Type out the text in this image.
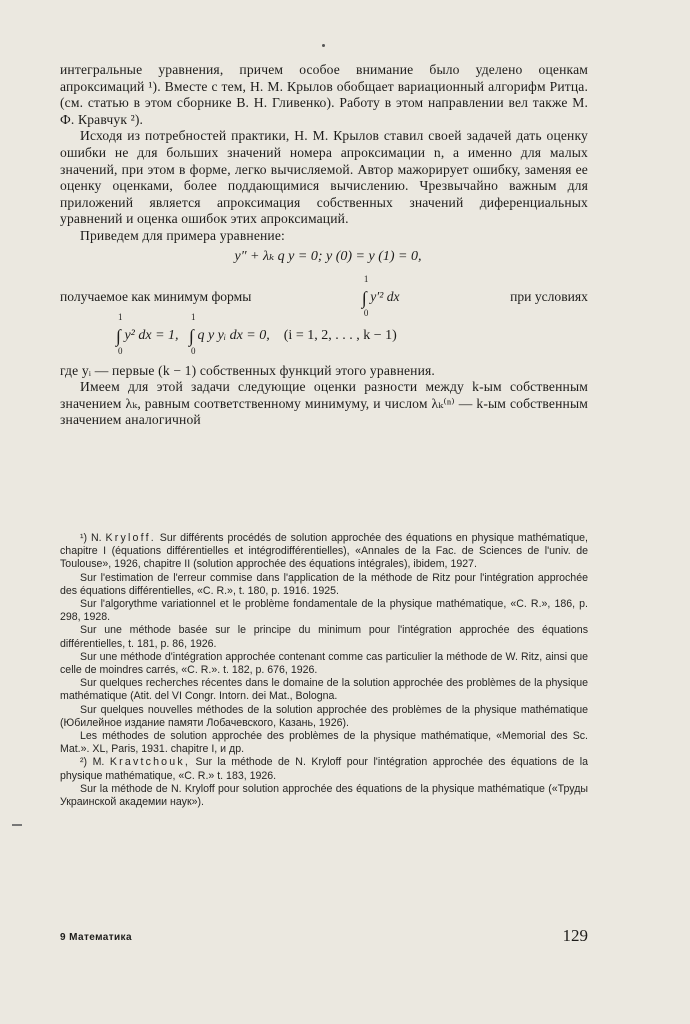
интегральные уравнения, причем особое внимание было уделено оценкам апроксимаций ¹). Вместе с тем, Н. М. Крылов обобщает вариационный алгорифм Ритца. (см. статью в этом сборнике В. Н. Гливенко). Работу в этом направлении вел также М. Ф. Кравчук ²).

Исходя из потребностей практики, Н. М. Крылов ставил своей задачей дать оценку ошибки не для больших значений номера апроксимации n, а именно для малых значений, при этом в форме, легко вычисляемой. Автор мажорирует ошибку, заменяя ее оценку оценками, более поддающимися вычислению. Чрезвычайно важным для приложений является апроксимация собственных значений диференциальных уравнений и оценка ошибок этих апроксимаций.

Приведем для примера уравнение:

y″ + λₖ q y = 0; y (0) = y (1) = 0,
получаемое как минимум формы	∫
1
0
y′² dx	при условиях
∫
1
0
y² dx = 1, ∫
1
0
q y yᵢ dx = 0, (i = 1, 2, . . . , k − 1)

где yᵢ — первые (k − 1) собственных функций этого уравнения.

Имеем для этой задачи следующие оценки разности между k-ым собственным значением λₖ, равным соответственному минимуму, и числом λₖ⁽ⁿ⁾ — k-ым собственным значением аналогичной

¹) N. Kryloff. Sur différents procédés de solution approchée des équations en physique mathématique, chapitre I (équations différentielles et intégrodifférentielles), «Annales de la Fac. de Sciences de l'univ. de Toulouse», 1926, chapitre II (solution approchée des équations intégrales), ibidem, 1927.

Sur l'estimation de l'erreur commise dans l'application de la méthode de Ritz pour l'intégration approchée des équations différentielles, «C. R.», t. 180, p. 1916. 1925.

Sur l'algorythme variationnel et le problème fondamentale de la physique mathématique, «C. R.», 186, p. 298, 1928.

Sur une méthode basée sur le principe du minimum pour l'intégration approchée des équations différentielles, t. 181, p. 86, 1926.

Sur une méthode d'intégration approchée contenant comme cas particulier la méthode de W. Ritz, ainsi que celle de moindres carrés, «C. R.». t. 182, p. 676, 1926.

Sur quelques recherches récentes dans le domaine de la solution approchée des problèmes de la physique mathématique (Atit. del VI Congr. Intorn. dei Mat., Bologna.

Sur quelques nouvelles méthodes de la solution approchée des problèmes de la physique mathématique (Юбилейное издание памяти Лобачевского, Казань, 1926).

Les méthodes de solution approchée des problèmes de la physique mathématique, «Memorial des Sc. Mat.». XL, Paris, 1931. chapitre I, и др.

²) M. Kravtchouk, Sur la méthode de N. Kryloff pour l'intégration approchée des équations de la physique mathématique, «C. R.» t. 183, 1926.

Sur la méthode de N. Kryloff pour solution approchée des équations de la physique mathématique («Труды Украинской академии наук»).

9 Математика	129
